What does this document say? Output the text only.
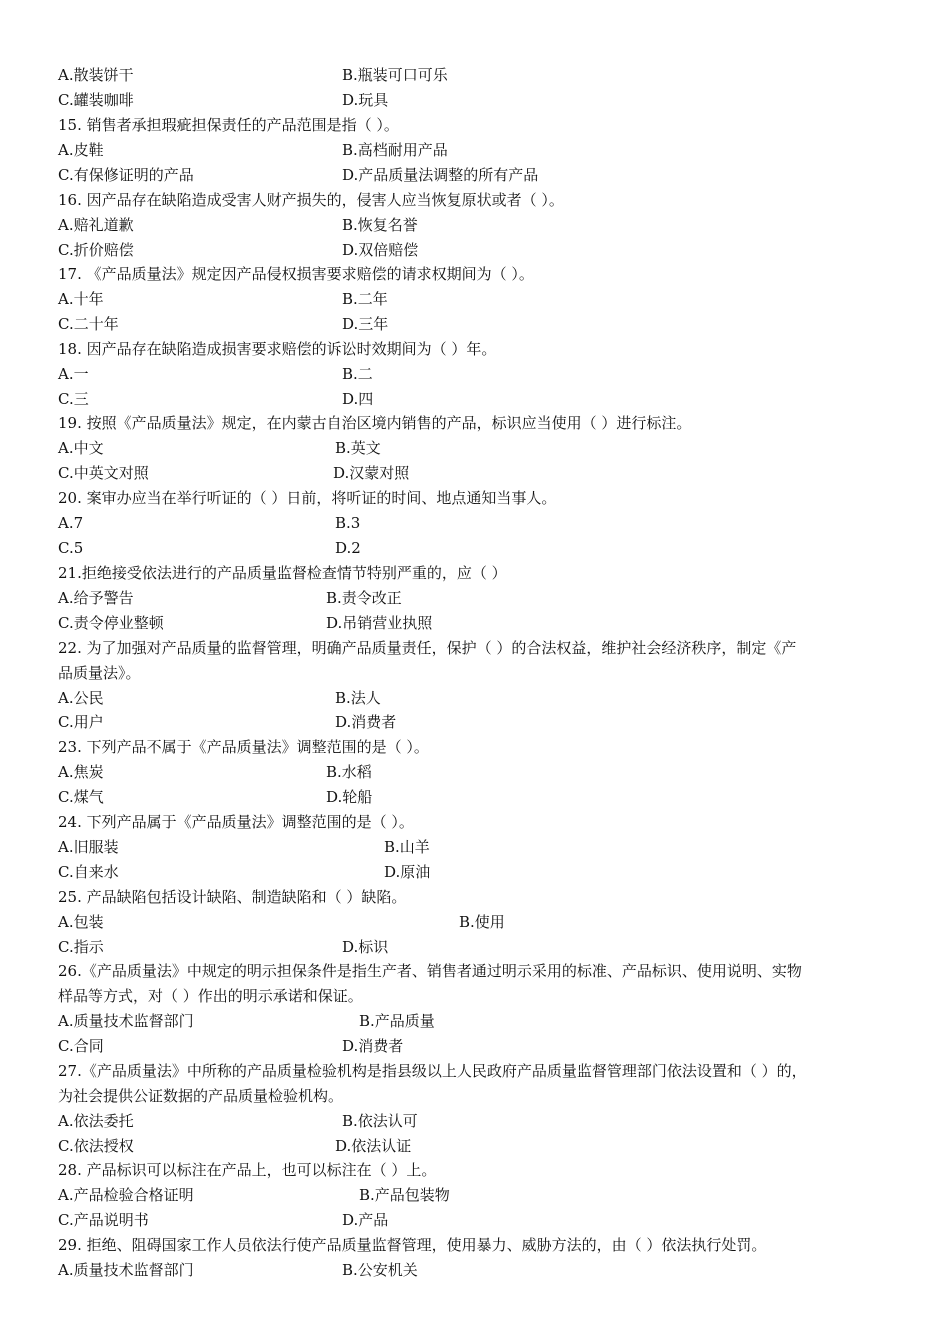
A.散装饼干	B.瓶装可口可乐
C.罐装咖啡	D.玩具
15. 销售者承担瑕疵担保责任的产品范围是指（ ）。
A.皮鞋	B.高档耐用产品
C.有保修证明的产品	D.产品质量法调整的所有产品
16. 因产品存在缺陷造成受害人财产损失的，侵害人应当恢复原状或者（ ）。
A.赔礼道歉	B.恢复名誉
C.折价赔偿	D.双倍赔偿
17. 《产品质量法》规定因产品侵权损害要求赔偿的请求权期间为（ ）。
A.十年	B.二年
C.二十年	D.三年
18. 因产品存在缺陷造成损害要求赔偿的诉讼时效期间为（ ）年。
A.一	B.二
C.三	D.四
19. 按照《产品质量法》规定，在内蒙古自治区境内销售的产品，标识应当使用（ ）进行标注。
A.中文	B.英文
C.中英文对照	D.汉蒙对照
20. 案审办应当在举行听证的（ ）日前，将听证的时间、地点通知当事人。
A.7	B.3
C.5	D.2
21.拒绝接受依法进行的产品质量监督检查情节特别严重的，应（ ）
A.给予警告	B.责令改正
C.责令停业整顿	D.吊销营业执照
22. 为了加强对产品质量的监督管理，明确产品质量责任，保护（ ）的合法权益，维护社会经济秩序，制定《产
品质量法》。
A.公民	B.法人
C.用户	D.消费者
23. 下列产品不属于《产品质量法》调整范围的是（ ）。
A.焦炭	B.水稻
C.煤气	D.轮船
24. 下列产品属于《产品质量法》调整范围的是（ ）。
A.旧服装	B.山羊
C.自来水	D.原油
25. 产品缺陷包括设计缺陷、制造缺陷和（ ）缺陷。
A.包装	B.使用
C.指示	D.标识
26.《产品质量法》中规定的明示担保条件是指生产者、销售者通过明示采用的标准、产品标识、使用说明、实物
样品等方式，对（ ）作出的明示承诺和保证。
A.质量技术监督部门	B.产品质量
C.合同	D.消费者
27.《产品质量法》中所称的产品质量检验机构是指县级以上人民政府产品质量监督管理部门依法设置和（ ）的，
为社会提供公证数据的产品质量检验机构。
A.依法委托	B.依法认可
C.依法授权	D.依法认证
28. 产品标识可以标注在产品上，也可以标注在（ ）上。
A.产品检验合格证明	B.产品包装物
C.产品说明书	D.产品
29. 拒绝、阻碍国家工作人员依法行使产品质量监督管理，使用暴力、威胁方法的，由（ ）依法执行处罚。
A.质量技术监督部门	B.公安机关
